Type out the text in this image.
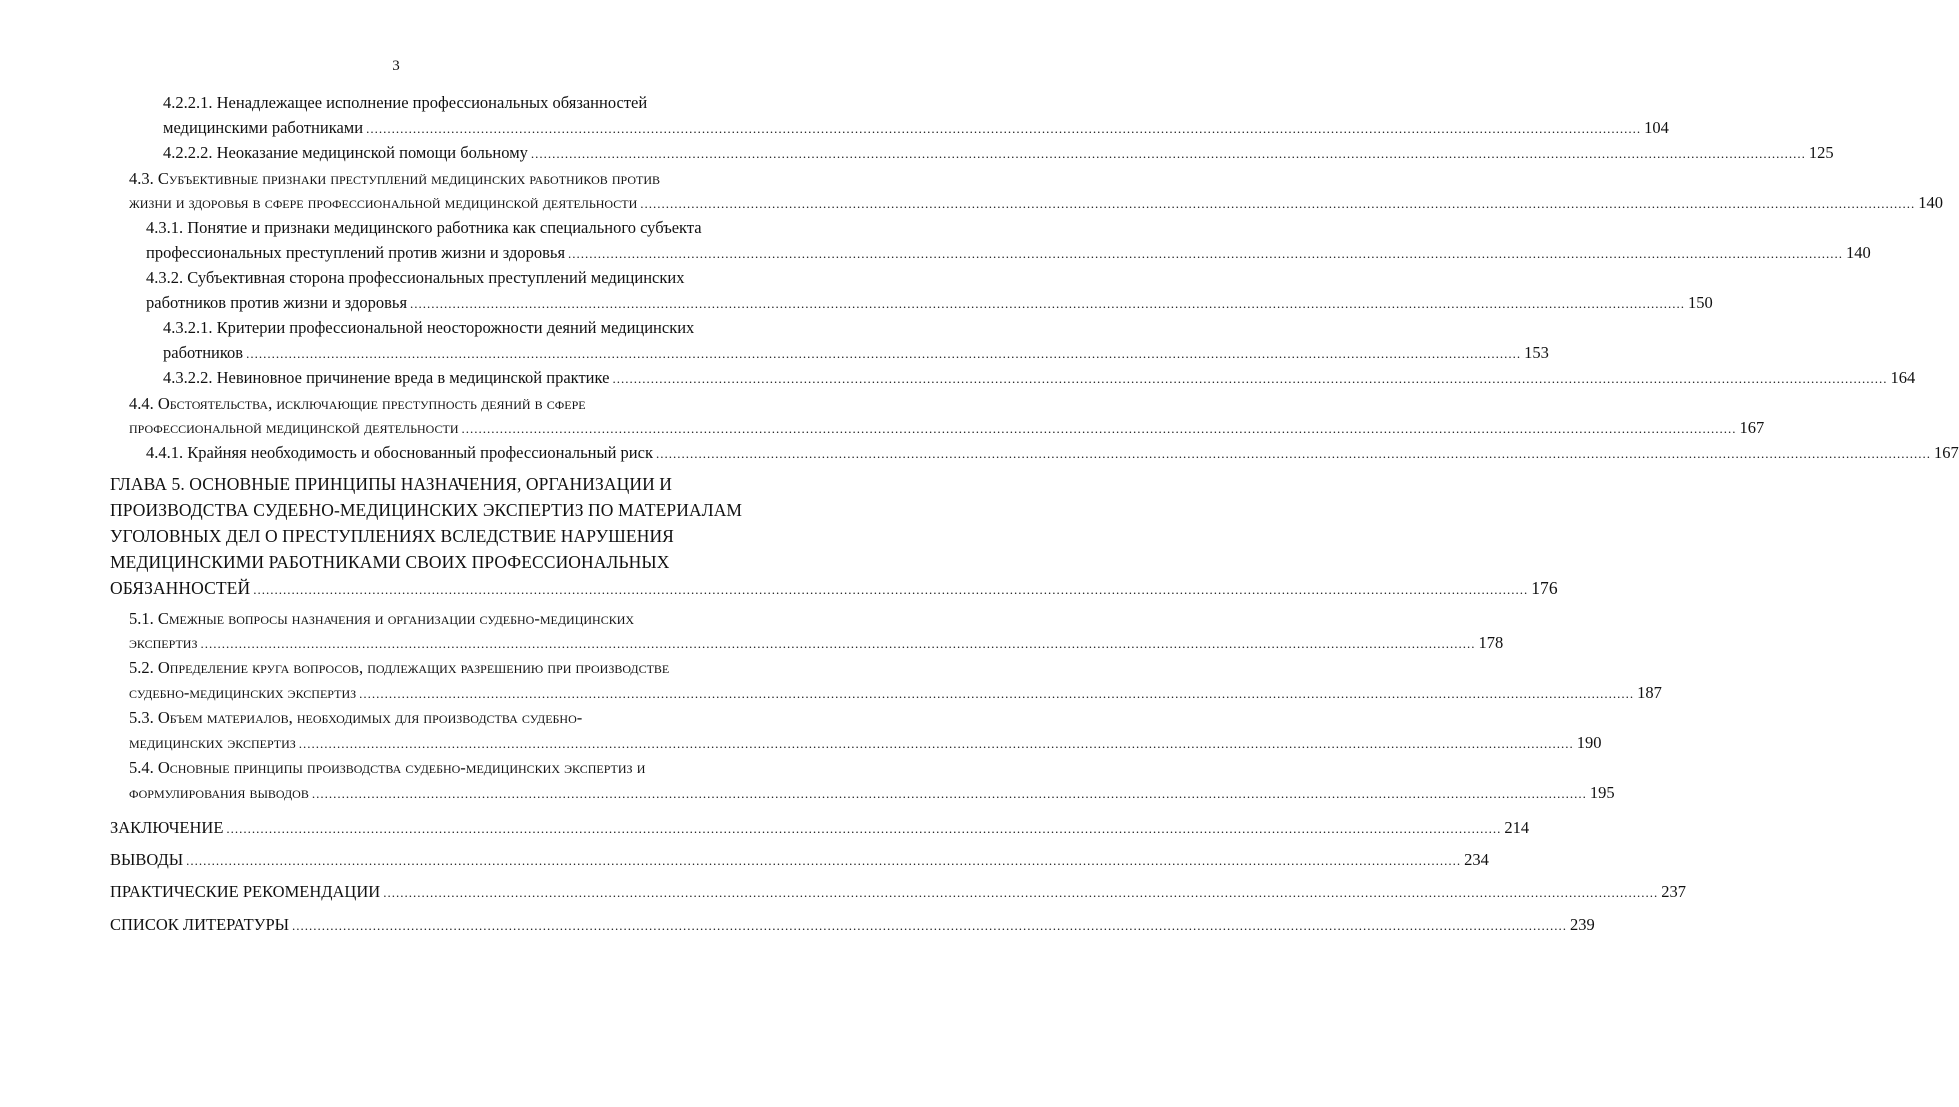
3
4.2.2.1. Ненадлежащее исполнение профессиональных обязанностей
медицинскими работниками ............................................................................................................................................................................................................................................................................................................ 104
4.2.2.2. Неоказание медицинской помощи больному ............................................................................................................................................................................................................................................................................................................ 125
4.3. Субъективные признаки преступлений медицинских работников против
жизни и здоровья в сфере профессиональной медицинской деятельности ............................................................................................................................................................................................................................................................................................................ 140
4.3.1. Понятие и признаки медицинского работника как специального субъекта
профессиональных преступлений против жизни и здоровья ............................................................................................................................................................................................................................................................................................................ 140
4.3.2. Субъективная сторона профессиональных преступлений медицинских
работников против жизни и здоровья ............................................................................................................................................................................................................................................................................................................ 150
4.3.2.1. Критерии профессиональной неосторожности деяний медицинских
работников ............................................................................................................................................................................................................................................................................................................ 153
4.3.2.2. Невиновное причинение вреда в медицинской практике ............................................................................................................................................................................................................................................................................................................ 164
4.4. Обстоятельства, исключающие преступность деяний в сфере
профессиональной медицинской деятельности ............................................................................................................................................................................................................................................................................................................ 167
4.4.1. Крайняя необходимость и обоснованный профессиональный риск ............................................................................................................................................................................................................................................................................................................ 167
ГЛАВА 5. ОСНОВНЫЕ ПРИНЦИПЫ НАЗНАЧЕНИЯ, ОРГАНИЗАЦИИ И
ПРОИЗВОДСТВА СУДЕБНО-МЕДИЦИНСКИХ ЭКСПЕРТИЗ ПО МАТЕРИАЛАМ
УГОЛОВНЫХ ДЕЛ О ПРЕСТУПЛЕНИЯХ ВСЛЕДСТВИЕ НАРУШЕНИЯ
МЕДИЦИНСКИМИ РАБОТНИКАМИ СВОИХ ПРОФЕССИОНАЛЬНЫХ
ОБЯЗАННОСТЕЙ ............................................................................................................................................................................................................................................................................................................ 176
5.1. Смежные вопросы назначения и организации судебно-медицинских
экспертиз ............................................................................................................................................................................................................................................................................................................ 178
5.2. Определение круга вопросов, подлежащих разрешению при производстве
судебно-медицинских экспертиз ............................................................................................................................................................................................................................................................................................................ 187
5.3. Объем материалов, необходимых для производства судебно-
медицинских экспертиз ............................................................................................................................................................................................................................................................................................................ 190
5.4. Основные принципы производства судебно-медицинских экспертиз и
формулирования выводов ............................................................................................................................................................................................................................................................................................................ 195
ЗАКЛЮЧЕНИЕ ............................................................................................................................................................................................................................................................................................................ 214
ВЫВОДЫ ............................................................................................................................................................................................................................................................................................................ 234
ПРАКТИЧЕСКИЕ РЕКОМЕНДАЦИИ ............................................................................................................................................................................................................................................................................................................ 237
СПИСОК ЛИТЕРАТУРЫ ............................................................................................................................................................................................................................................................................................................ 239
